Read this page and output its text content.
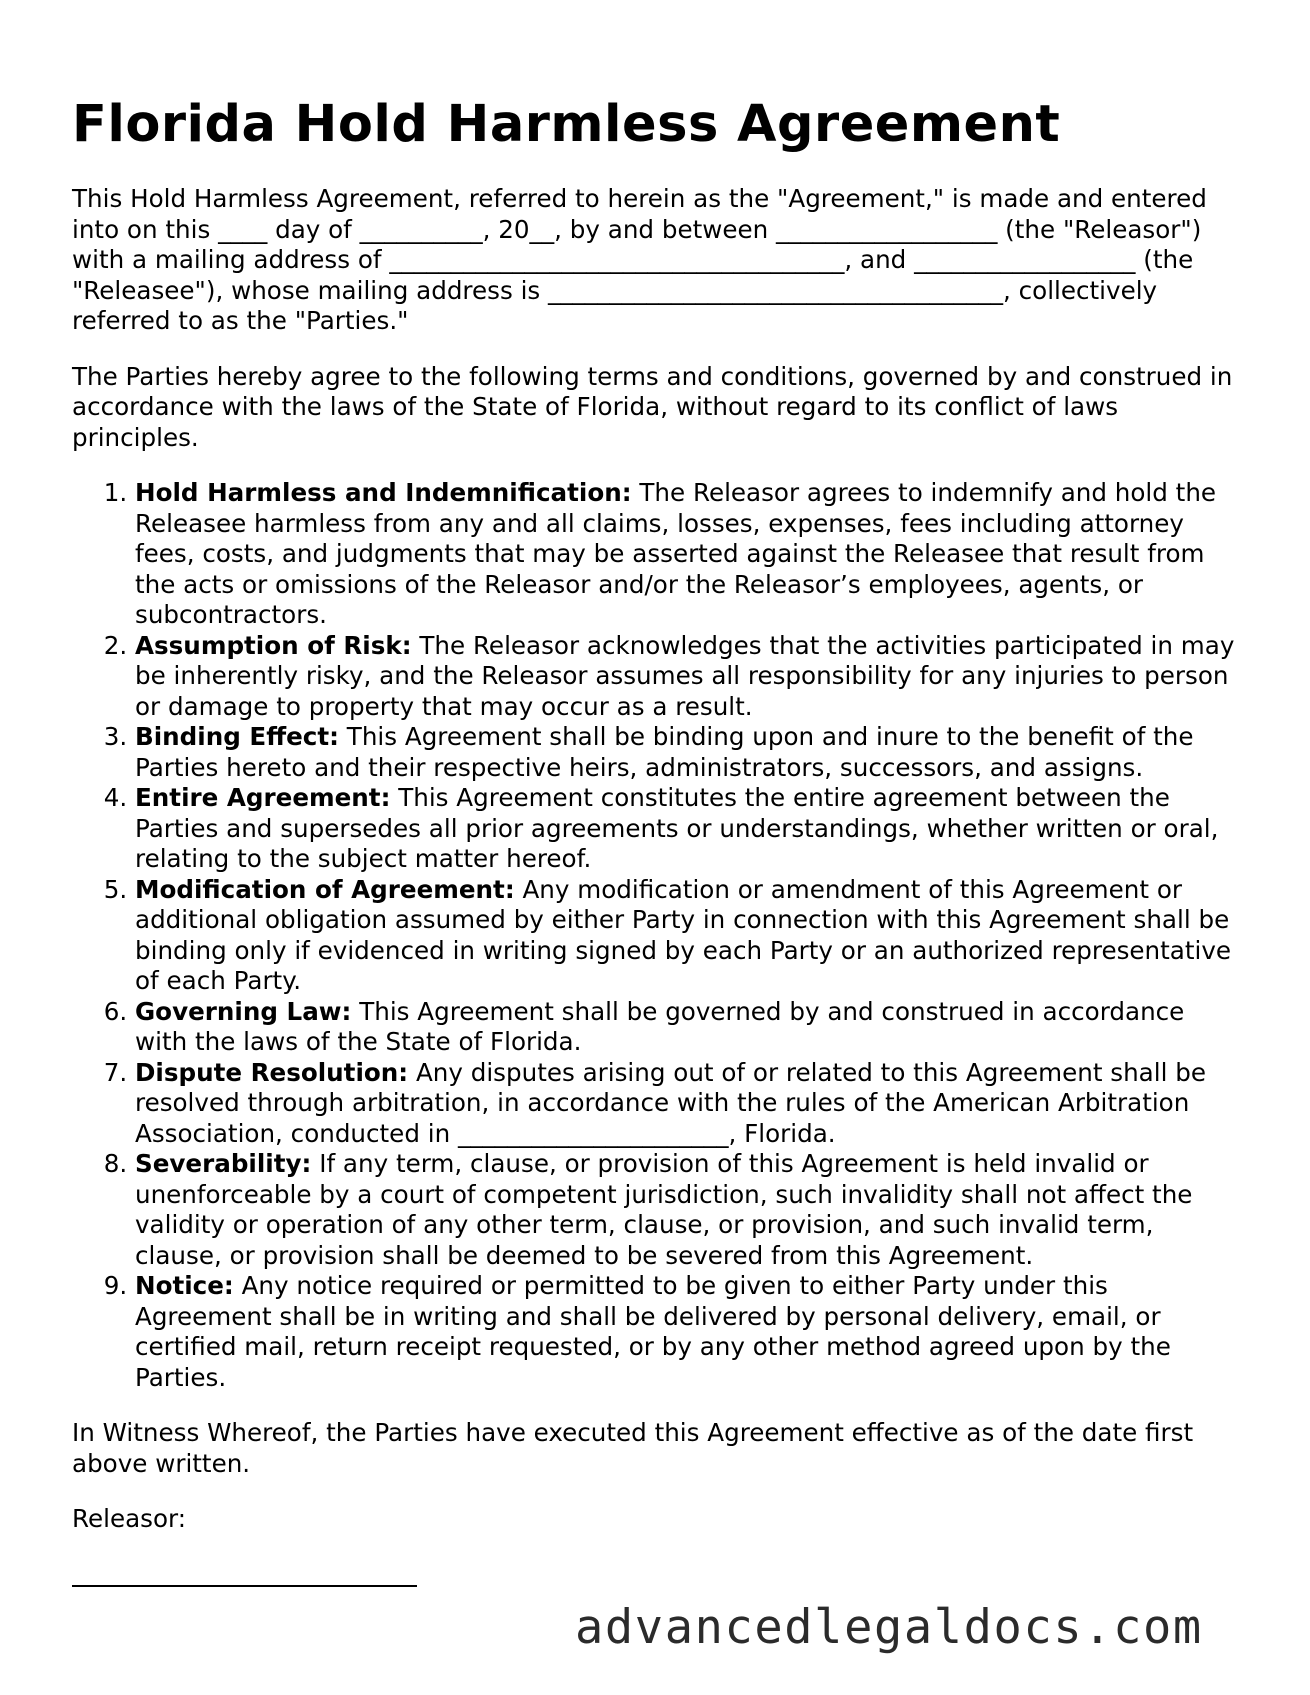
Florida Hold Harmless Agreement

This Hold Harmless Agreement, referred to herein as the "Agreement," is made and entered into on this ____ day of __________, 20__, by and between __________________ (the "Releasor") with a mailing address of _____________________________________, and __________________ (the "Releasee"), whose mailing address is _____________________________________, collectively referred to as the "Parties."

The Parties hereby agree to the following terms and conditions, governed by and construed in accordance with the laws of the State of Florida, without regard to its conflict of laws principles.

1. Hold Harmless and Indemnification: The Releasor agrees to indemnify and hold the Releasee harmless from any and all claims, losses, expenses, fees including attorney fees, costs, and judgments that may be asserted against the Releasee that result from the acts or omissions of the Releasor and/or the Releasor’s employees, agents, or subcontractors.
2. Assumption of Risk: The Releasor acknowledges that the activities participated in may be inherently risky, and the Releasor assumes all responsibility for any injuries to person or damage to property that may occur as a result.
3. Binding Effect: This Agreement shall be binding upon and inure to the benefit of the Parties hereto and their respective heirs, administrators, successors, and assigns.
4. Entire Agreement: This Agreement constitutes the entire agreement between the Parties and supersedes all prior agreements or understandings, whether written or oral, relating to the subject matter hereof.
5. Modification of Agreement: Any modification or amendment of this Agreement or additional obligation assumed by either Party in connection with this Agreement shall be binding only if evidenced in writing signed by each Party or an authorized representative of each Party.
6. Governing Law: This Agreement shall be governed by and construed in accordance with the laws of the State of Florida.
7. Dispute Resolution: Any disputes arising out of or related to this Agreement shall be resolved through arbitration, in accordance with the rules of the American Arbitration Association, conducted in ______________________, Florida.
8. Severability: If any term, clause, or provision of this Agreement is held invalid or unenforceable by a court of competent jurisdiction, such invalidity shall not affect the validity or operation of any other term, clause, or provision, and such invalid term, clause, or provision shall be deemed to be severed from this Agreement.
9. Notice: Any notice required or permitted to be given to either Party under this Agreement shall be in writing and shall be delivered by personal delivery, email, or certified mail, return receipt requested, or by any other method agreed upon by the Parties.

In Witness Whereof, the Parties have executed this Agreement effective as of the date first above written.

Releasor:

advancedlegaldocs.com
